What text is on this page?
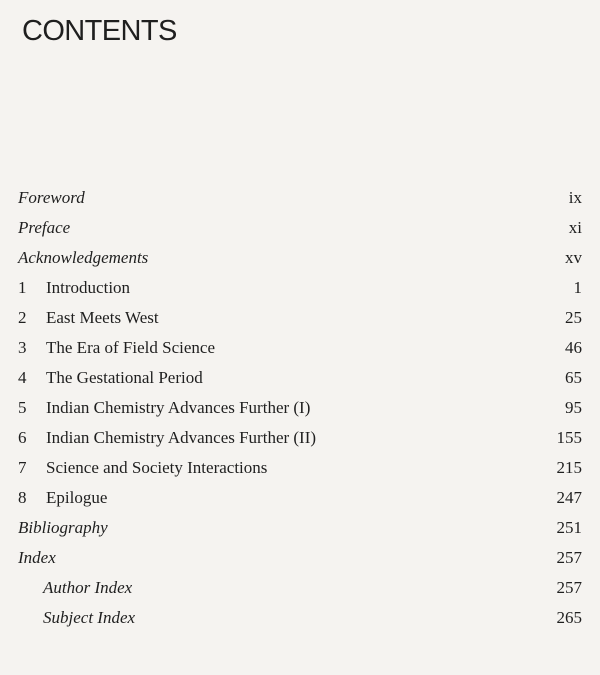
CONTENTS
Foreword	ix
Preface	xi
Acknowledgements	xv
1	Introduction	1
2	East Meets West	25
3	The Era of Field Science	46
4	The Gestational Period	65
5	Indian Chemistry Advances Further (I)	95
6	Indian Chemistry Advances Further (II)	155
7	Science and Society Interactions	215
8	Epilogue	247
Bibliography	251
Index	257
Author Index	257
Subject Index	265
